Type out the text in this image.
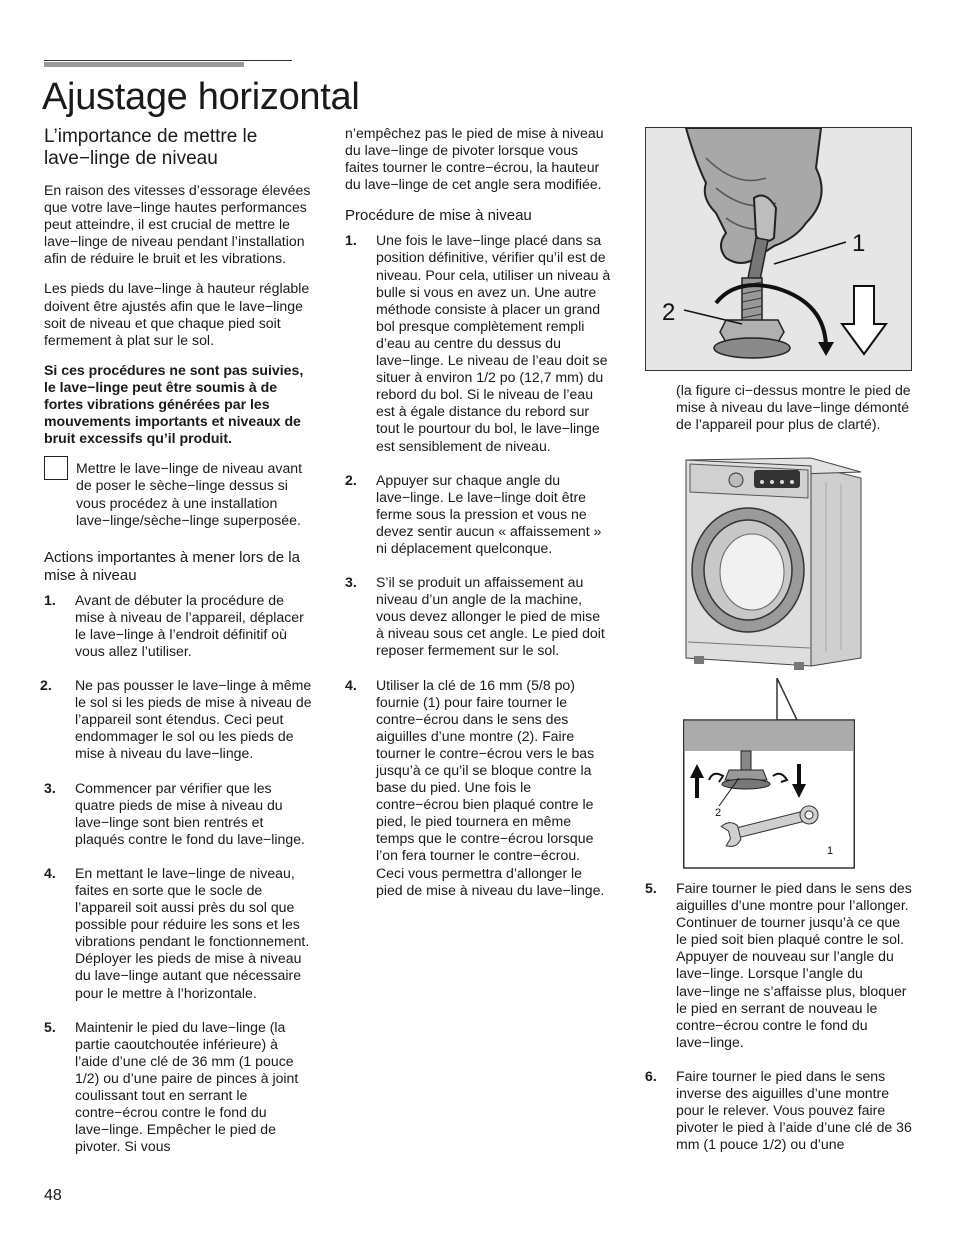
Ajustage horizontal
L’importance de mettre le lave−linge de niveau

En raison des vitesses d’essorage élevées que votre lave−linge hautes performances peut atteindre, il est crucial de mettre le lave−linge de niveau pendant l’installation afin de réduire le bruit et les vibrations.

Les pieds du lave−linge à hauteur réglable doivent être ajustés afin que le lave−linge soit de niveau et que chaque pied soit fermement à plat sur le sol.

Si ces procédures ne sont pas suivies, le lave−linge peut être soumis à de fortes vibrations générées par les mouvements importants et niveaux de bruit excessifs qu’il produit.

Mettre le lave−linge de niveau avant de poser le sèche−linge dessus si vous procédez à une installation lave−linge/sèche−linge superposée.
Actions importantes à mener lors de la mise à niveau
1.	Avant de débuter la procédure de mise à niveau de l’appareil, déplacer le lave−linge à l’endroit définitif où vous allez l’utiliser.
2.	Ne pas pousser le lave−linge à même le sol si les pieds de mise à niveau de l’appareil sont étendus. Ceci peut endommager le sol ou les pieds de mise à niveau du lave−linge.
3.	Commencer par vérifier que les quatre pieds de mise à niveau du lave−linge sont bien rentrés et plaqués contre le fond du lave−linge.
4.	En mettant le lave−linge de niveau, faites en sorte que le socle de l’appareil soit aussi près du sol que possible pour réduire les sons et les vibrations pendant le fonctionnement. Déployer les pieds de mise à niveau du lave−linge autant que nécessaire pour le mettre à l’horizontale.
5.	Maintenir le pied du lave−linge (la partie caoutchoutée inférieure) à l’aide d’une clé de 36 mm (1 pouce 1/2) ou d’une paire de pinces à joint coulissant tout en serrant le contre−écrou contre le fond du lave−linge. Empêcher le pied de pivoter. Si vous

n’empêchez pas le pied de mise à niveau du lave−linge de pivoter lorsque vous faites tourner le contre−écrou, la hauteur du lave−linge de cet angle sera modifiée.

Procédure de mise à niveau
1.	Une fois le lave−linge placé dans sa position définitive, vérifier qu’il est de niveau. Pour cela, utiliser un niveau à bulle si vous en avez un. Une autre méthode consiste à placer un grand bol presque complètement rempli d’eau au centre du dessus du lave−linge. Le niveau de l’eau doit se situer à environ 1/2 po (12,7 mm) du rebord du bol. Si le niveau de l’eau est à égale distance du rebord sur tout le pourtour du bol, le lave−linge est sensiblement de niveau.
2.	Appuyer sur chaque angle du lave−linge. Le lave−linge doit être ferme sous la pression et vous ne devez sentir aucun « affaissement » ni déplacement quelconque.
3.	S’il se produit un affaissement au niveau d’un angle de la machine, vous devez allonger le pied de mise à niveau sous cet angle. Le pied doit reposer fermement sur le sol.
4.	Utiliser la clé de 16 mm (5/8 po) fournie (1) pour faire tourner le contre−écrou dans le sens des aiguilles d’une montre (2). Faire tourner le contre−écrou vers le bas jusqu’à ce qu’il se bloque contre la base du pied. Une fois le contre−écrou bien plaqué contre le pied, le pied tournera en même temps que le contre−écrou lorsque l’on fera tourner le contre−écrou. Ceci vous permettra d’allonger le pied de mise à niveau du lave−linge.
1
2
(la figure ci−dessus montre le pied de mise à niveau du lave−linge démonté de l’appareil pour plus de clarté).
2
1
5.	Faire tourner le pied dans le sens des aiguilles d’une montre pour l’allonger. Continuer de tourner jusqu’à ce que le pied soit bien plaqué contre le sol. Appuyer de nouveau sur l’angle du lave−linge. Lorsque l’angle du lave−linge ne s’affaisse plus, bloquer le pied en serrant de nouveau le contre−écrou contre le fond du lave−linge.
6.	Faire tourner le pied dans le sens inverse des aiguilles d’une montre pour le relever. Vous pouvez faire pivoter le pied à l’aide d’une clé de 36 mm (1 pouce 1/2) ou d’une
48
